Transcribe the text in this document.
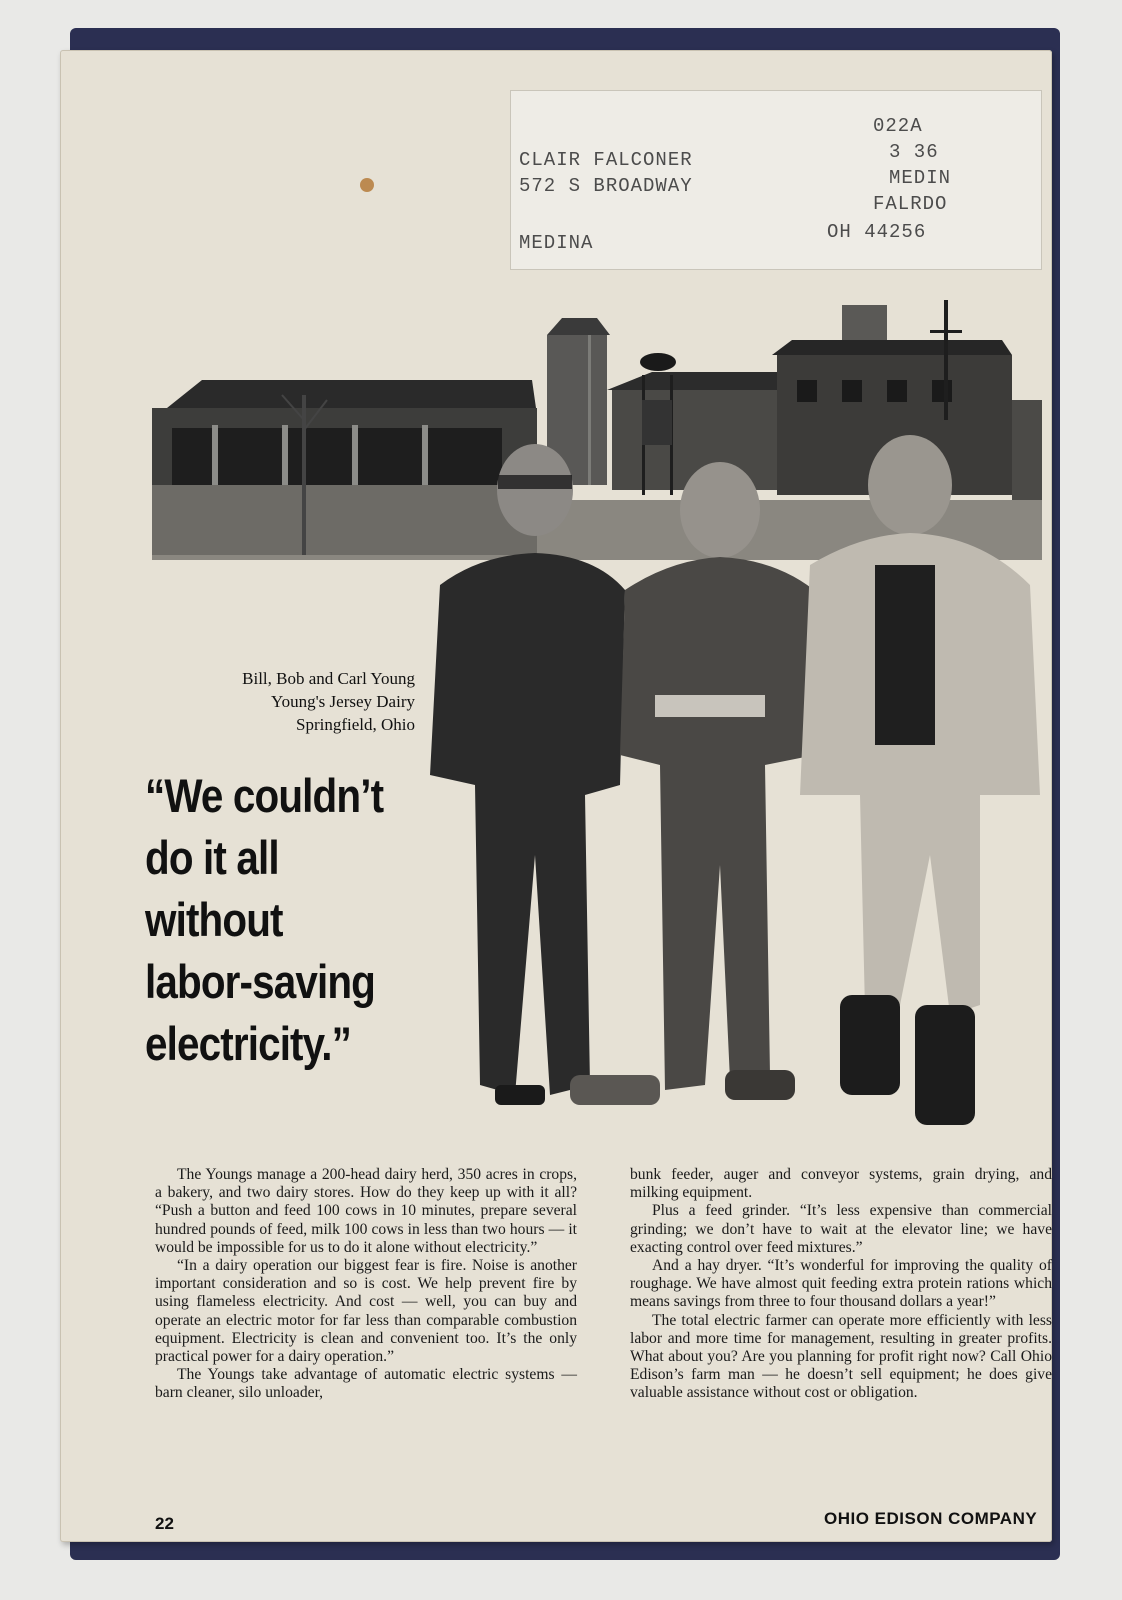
CLAIR FALCONER
022A
572 S BROADWAY
3 36
MEDIN
FALRDO
MEDINA	OH 44256
Bill, Bob and Carl Young
Young's Jersey Dairy
Springfield, Ohio
“We couldn’t
do it all
without
labor-saving
electricity.”

The Youngs manage a 200-head dairy herd, 350 acres in crops, a bakery, and two dairy stores. How do they keep up with it all? “Push a button and feed 100 cows in 10 minutes, prepare several hundred pounds of feed, milk 100 cows in less than two hours — it would be impossible for us to do it alone without electricity.”

“In a dairy operation our biggest fear is fire. Noise is another important consideration and so is cost. We help prevent fire by using flameless electricity. And cost — well, you can buy and operate an electric motor for far less than comparable combustion equipment. Electricity is clean and convenient too. It’s the only practical power for a dairy operation.”

The Youngs take advantage of automatic electric systems — barn cleaner, silo unloader,

bunk feeder, auger and conveyor systems, grain drying, and milking equipment.

Plus a feed grinder. “It’s less expensive than commercial grinding; we don’t have to wait at the elevator line; we have exacting control over feed mixtures.”

And a hay dryer. “It’s wonderful for improving the quality of roughage. We have almost quit feeding extra protein rations which means savings from three to four thousand dollars a year!”

The total electric farmer can operate more efficiently with less labor and more time for management, resulting in greater profits. What about you? Are you planning for profit right now? Call Ohio Edison’s farm man — he doesn’t sell equipment; he does give valuable assistance without cost or obligation.

22	OHIO EDISON COMPANY
